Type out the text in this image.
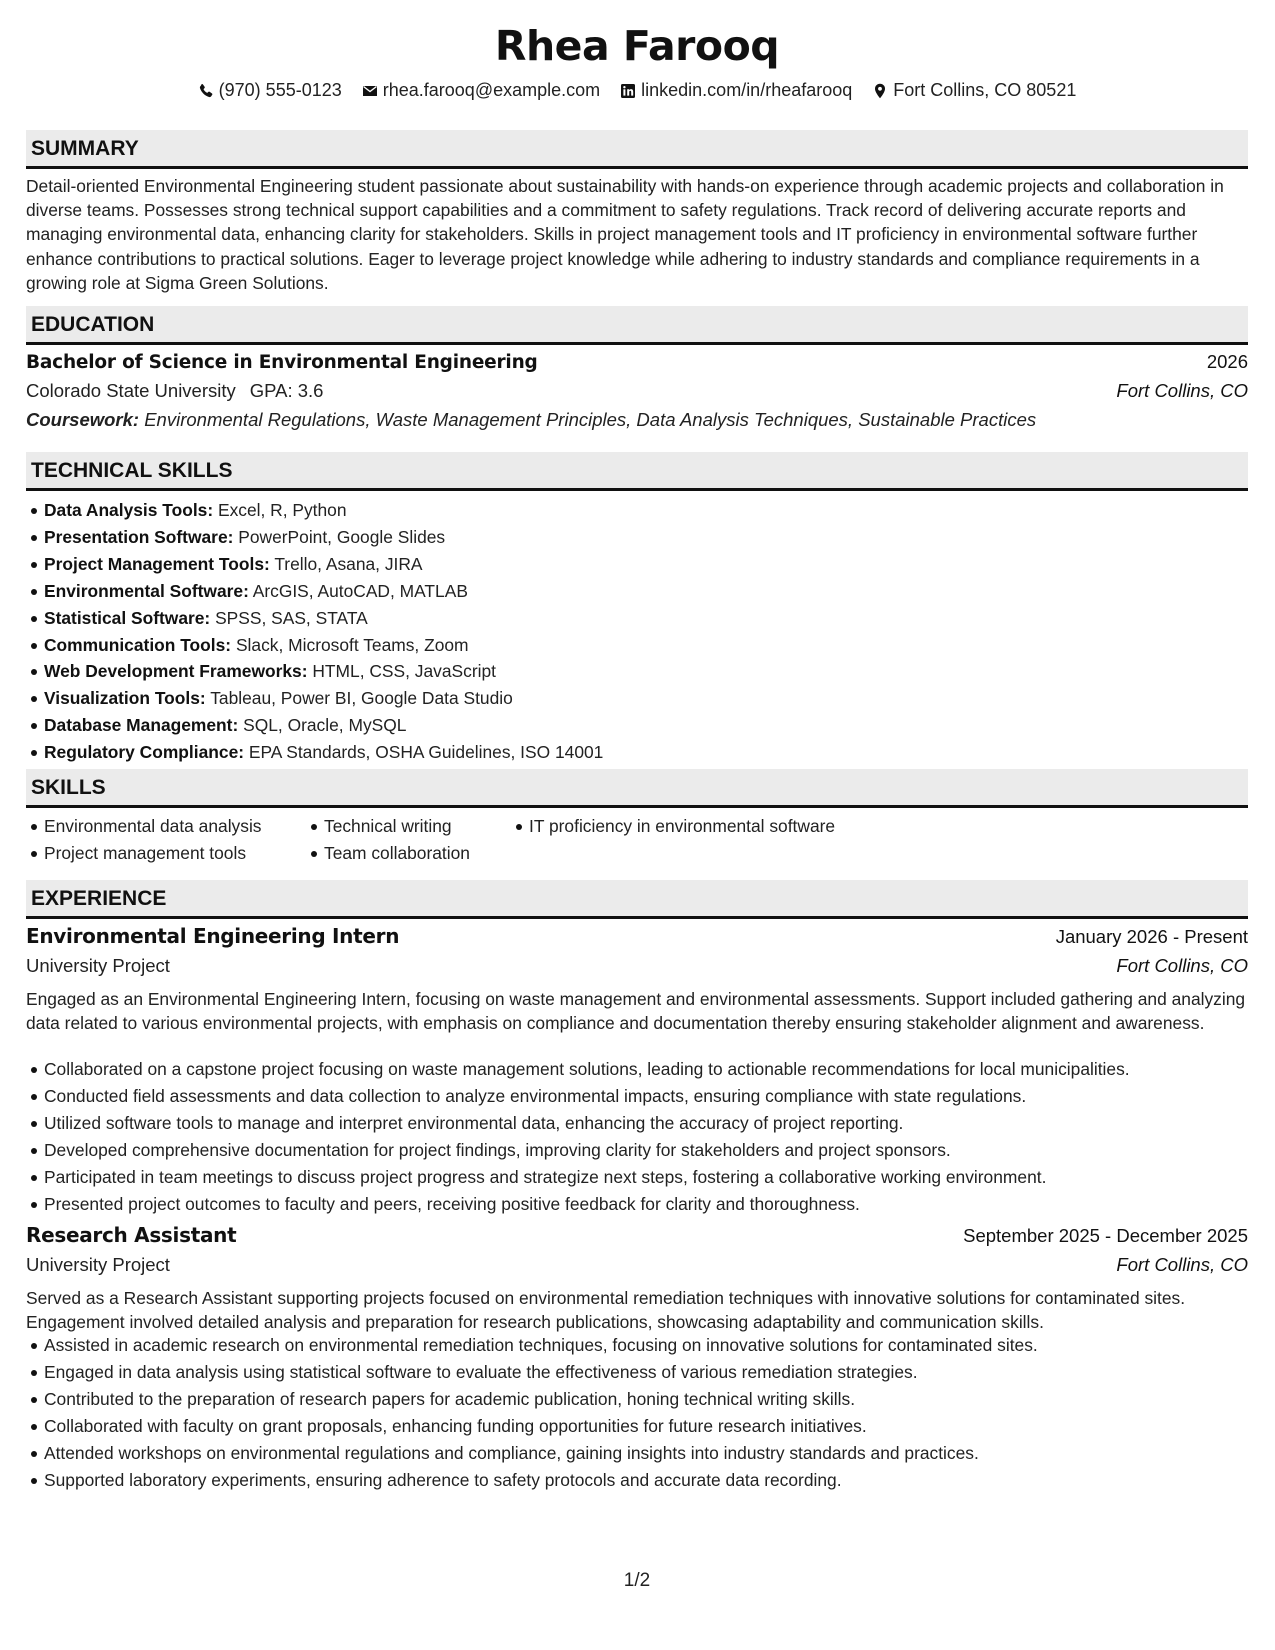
Rhea Farooq
(970) 555-0123 rhea.farooq@example.com linkedin.com/in/rheafarooq Fort Collins, CO 80521
SUMMARY
Detail-oriented Environmental Engineering student passionate about sustainability with hands-on experience through academic projects and collaboration in diverse teams. Possesses strong technical support capabilities and a commitment to safety regulations. Track record of delivering accurate reports and managing environmental data, enhancing clarity for stakeholders. Skills in project management tools and IT proficiency in environmental software further enhance contributions to practical solutions. Eager to leverage project knowledge while adhering to industry standards and compliance requirements in a growing role at Sigma Green Solutions.
EDUCATION
Bachelor of Science in Environmental Engineering	2026
Colorado State University GPA: 3.6	Fort Collins, CO
Coursework: Environmental Regulations, Waste Management Principles, Data Analysis Techniques, Sustainable Practices
TECHNICAL SKILLS
Data Analysis Tools: Excel, R, Python
Presentation Software: PowerPoint, Google Slides
Project Management Tools: Trello, Asana, JIRA
Environmental Software: ArcGIS, AutoCAD, MATLAB
Statistical Software: SPSS, SAS, STATA
Communication Tools: Slack, Microsoft Teams, Zoom
Web Development Frameworks: HTML, CSS, JavaScript
Visualization Tools: Tableau, Power BI, Google Data Studio
Database Management: SQL, Oracle, MySQL
Regulatory Compliance: EPA Standards, OSHA Guidelines, ISO 14001
SKILLS
Environmental data analysis
Project management tools
Technical writing
Team collaboration
IT proficiency in environmental software
EXPERIENCE
Environmental Engineering Intern	January 2026 - Present
University Project	Fort Collins, CO
Engaged as an Environmental Engineering Intern, focusing on waste management and environmental assessments. Support included gathering and analyzing data related to various environmental projects, with emphasis on compliance and documentation thereby ensuring stakeholder alignment and awareness.
Collaborated on a capstone project focusing on waste management solutions, leading to actionable recommendations for local municipalities.
Conducted field assessments and data collection to analyze environmental impacts, ensuring compliance with state regulations.
Utilized software tools to manage and interpret environmental data, enhancing the accuracy of project reporting.
Developed comprehensive documentation for project findings, improving clarity for stakeholders and project sponsors.
Participated in team meetings to discuss project progress and strategize next steps, fostering a collaborative working environment.
Presented project outcomes to faculty and peers, receiving positive feedback for clarity and thoroughness.
Research Assistant	September 2025 - December 2025
University Project	Fort Collins, CO
Served as a Research Assistant supporting projects focused on environmental remediation techniques with innovative solutions for contaminated sites. Engagement involved detailed analysis and preparation for research publications, showcasing adaptability and communication skills.
Assisted in academic research on environmental remediation techniques, focusing on innovative solutions for contaminated sites.
Engaged in data analysis using statistical software to evaluate the effectiveness of various remediation strategies.
Contributed to the preparation of research papers for academic publication, honing technical writing skills.
Collaborated with faculty on grant proposals, enhancing funding opportunities for future research initiatives.
Attended workshops on environmental regulations and compliance, gaining insights into industry standards and practices.
Supported laboratory experiments, ensuring adherence to safety protocols and accurate data recording.
1/2
